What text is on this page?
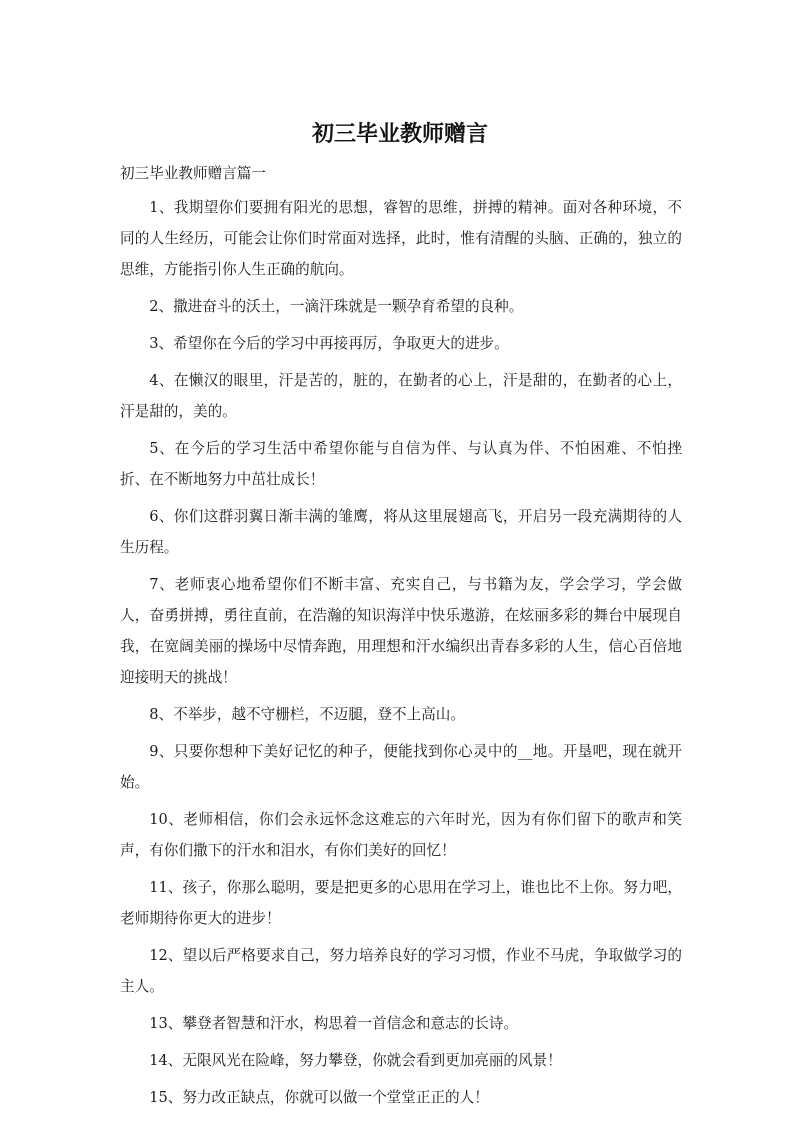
初三毕业教师赠言

初三毕业教师赠言篇一

1、我期望你们要拥有阳光的思想，睿智的思维，拼搏的精神。面对各种环境，不同的人生经历，可能会让你们时常面对选择，此时，惟有清醒的头脑、正确的，独立的思维，方能指引你人生正确的航向。

2、撒进奋斗的沃土，一滴汗珠就是一颗孕育希望的良种。

3、希望你在今后的学习中再接再厉，争取更大的进步。

4、在懒汉的眼里，汗是苦的，脏的，在勤者的心上，汗是甜的，在勤者的心上，汗是甜的，美的。

5、在今后的学习生活中希望你能与自信为伴、与认真为伴、不怕困难、不怕挫折、在不断地努力中茁壮成长！

6、你们这群羽翼日渐丰满的雏鹰，将从这里展翅高飞，开启另一段充满期待的人生历程。

7、老师衷心地希望你们不断丰富、充实自己，与书籍为友，学会学习，学会做人，奋勇拼搏，勇往直前，在浩瀚的知识海洋中快乐遨游，在炫丽多彩的舞台中展现自我，在宽阔美丽的操场中尽情奔跑，用理想和汗水编织出青春多彩的人生，信心百倍地迎接明天的挑战！

8、不举步，越不守栅栏，不迈腿，登不上高山。

9、只要你想种下美好记忆的种子，便能找到你心灵中的__地。开垦吧，现在就开始。

10、老师相信，你们会永远怀念这难忘的六年时光，因为有你们留下的歌声和笑声，有你们撒下的汗水和泪水，有你们美好的回忆！

11、孩子，你那么聪明，要是把更多的心思用在学习上，谁也比不上你。努力吧，老师期待你更大的进步！

12、望以后严格要求自己，努力培养良好的学习习惯，作业不马虎，争取做学习的主人。

13、攀登者智慧和汗水，构思着一首信念和意志的长诗。

14、无限风光在险峰，努力攀登，你就会看到更加亮丽的风景！

15、努力改正缺点，你就可以做一个堂堂正正的人！
